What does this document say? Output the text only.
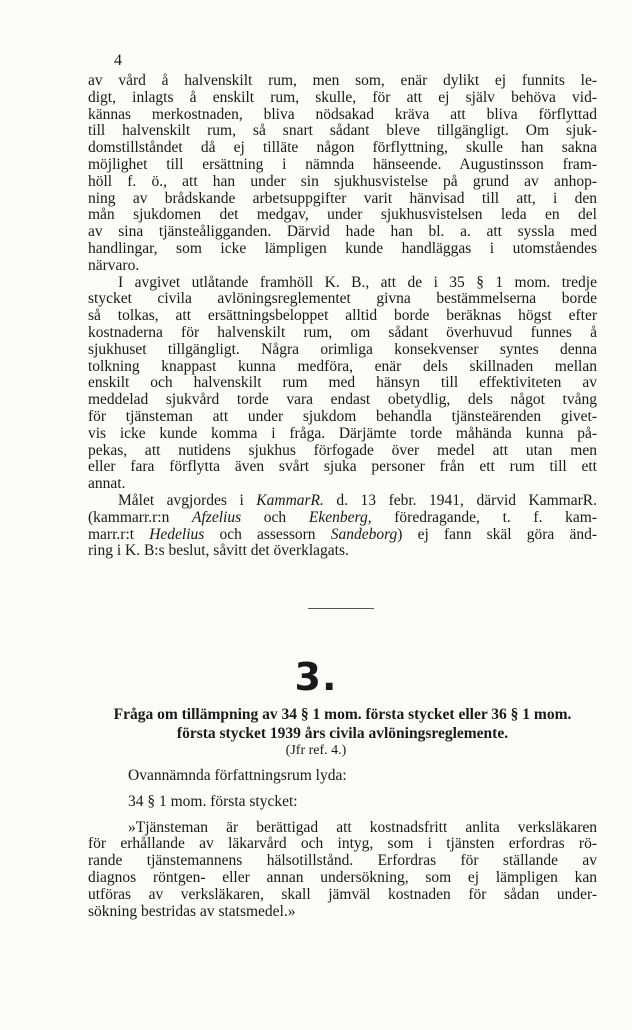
4
av vård å halvenskilt rum, men som, enär dylikt ej funnits le-
digt, inlagts å enskilt rum, skulle, för att ej själv behöva vid-
kännas merkostnaden, bliva nödsakad kräva att bliva förflyttad
till halvenskilt rum, så snart sådant bleve tillgängligt. Om sjuk-
domstillståndet då ej tilläte någon förflyttning, skulle han sakna
möjlighet till ersättning i nämnda hänseende. Augustinsson fram-
höll f. ö., att han under sin sjukhusvistelse på grund av anhop-
ning av brådskande arbetsuppgifter varit hänvisad till att, i den
mån sjukdomen det medgav, under sjukhusvistelsen leda en del
av sina tjänsteåligganden. Därvid hade han bl. a. att syssla med
handlingar, som icke lämpligen kunde handläggas i utomståendes
närvaro.
I avgivet utlåtande framhöll K. B., att de i 35 § 1 mom. tredje
stycket civila avlöningsreglementet givna bestämmelserna borde
så tolkas, att ersättningsbeloppet alltid borde beräknas högst efter
kostnaderna för halvenskilt rum, om sådant överhuvud funnes å
sjukhuset tillgängligt. Några orimliga konsekvenser syntes denna
tolkning knappast kunna medföra, enär dels skillnaden mellan
enskilt och halvenskilt rum med hänsyn till effektiviteten av
meddelad sjukvård torde vara endast obetydlig, dels något tvång
för tjänsteman att under sjukdom behandla tjänsteärenden givet-
vis icke kunde komma i fråga. Därjämte torde måhända kunna på-
pekas, att nutidens sjukhus förfogade över medel att utan men
eller fara förflytta även svårt sjuka personer från ett rum till ett
annat.
Målet avgjordes i KammarR. d. 13 febr. 1941, därvid KammarR.
(kammarr.r:n Afzelius och Ekenberg, föredragande, t. f. kam-
marr.r:t Hedelius och assessorn Sandeborg) ej fann skäl göra änd-
ring i K. B:s beslut, såvitt det överklagats.
3.
Fråga om tillämpning av 34 § 1 mom. första stycket eller 36 § 1 mom.
första stycket 1939 års civila avlöningsreglemente.
(Jfr ref. 4.)
Ovannämnda författningsrum lyda:
34 § 1 mom. första stycket:
»Tjänsteman är berättigad att kostnadsfritt anlita verksläkaren
för erhållande av läkarvård och intyg, som i tjänsten erfordras rö-
rande tjänstemannens hälsotillstånd. Erfordras för ställande av
diagnos röntgen- eller annan undersökning, som ej lämpligen kan
utföras av verksläkaren, skall jämväl kostnaden för sådan under-
sökning bestridas av statsmedel.»
